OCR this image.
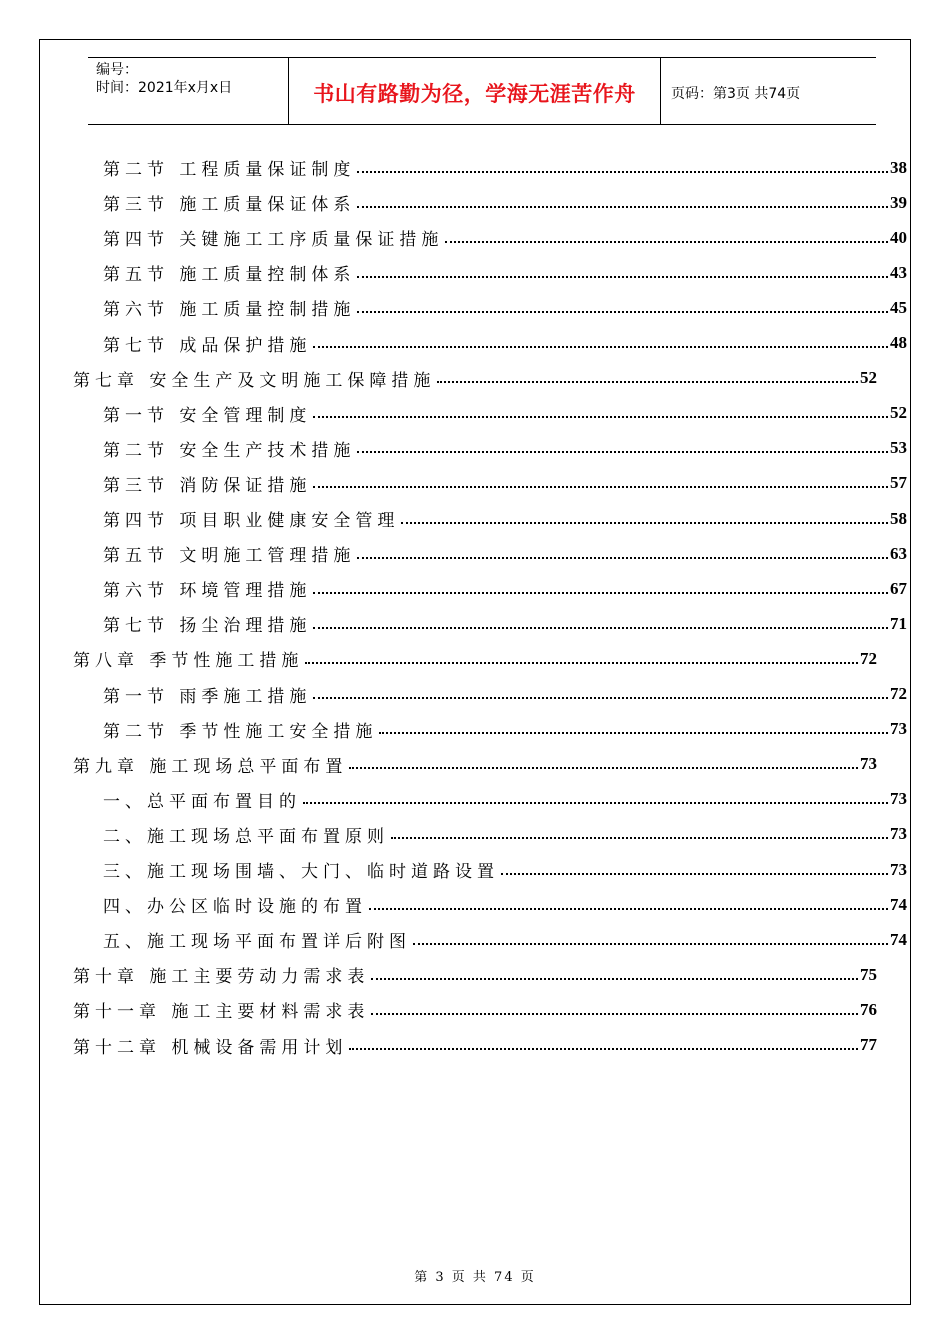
编号：
时间：2021年x月x日	书山有路勤为径，学海无涯苦作舟	页码：第3页 共74页
第二节 工程质量保证制度	38
第三节 施工质量保证体系	39
第四节 关键施工工序质量保证措施	40
第五节 施工质量控制体系	43
第六节 施工质量控制措施	45
第七节 成品保护措施	48
第七章 安全生产及文明施工保障措施	52
第一节 安全管理制度	52
第二节 安全生产技术措施	53
第三节 消防保证措施	57
第四节 项目职业健康安全管理	58
第五节 文明施工管理措施	63
第六节 环境管理措施	67
第七节 扬尘治理措施	71
第八章 季节性施工措施	72
第一节 雨季施工措施	72
第二节 季节性施工安全措施	73
第九章 施工现场总平面布置	73
一、总平面布置目的	73
二、施工现场总平面布置原则	73
三、施工现场围墙、大门、临时道路设置	73
四、办公区临时设施的布置	74
五、施工现场平面布置详后附图	74
第十章 施工主要劳动力需求表	75
第十一章 施工主要材料需求表	76
第十二章 机械设备需用计划	77
第 3 页 共 74 页
